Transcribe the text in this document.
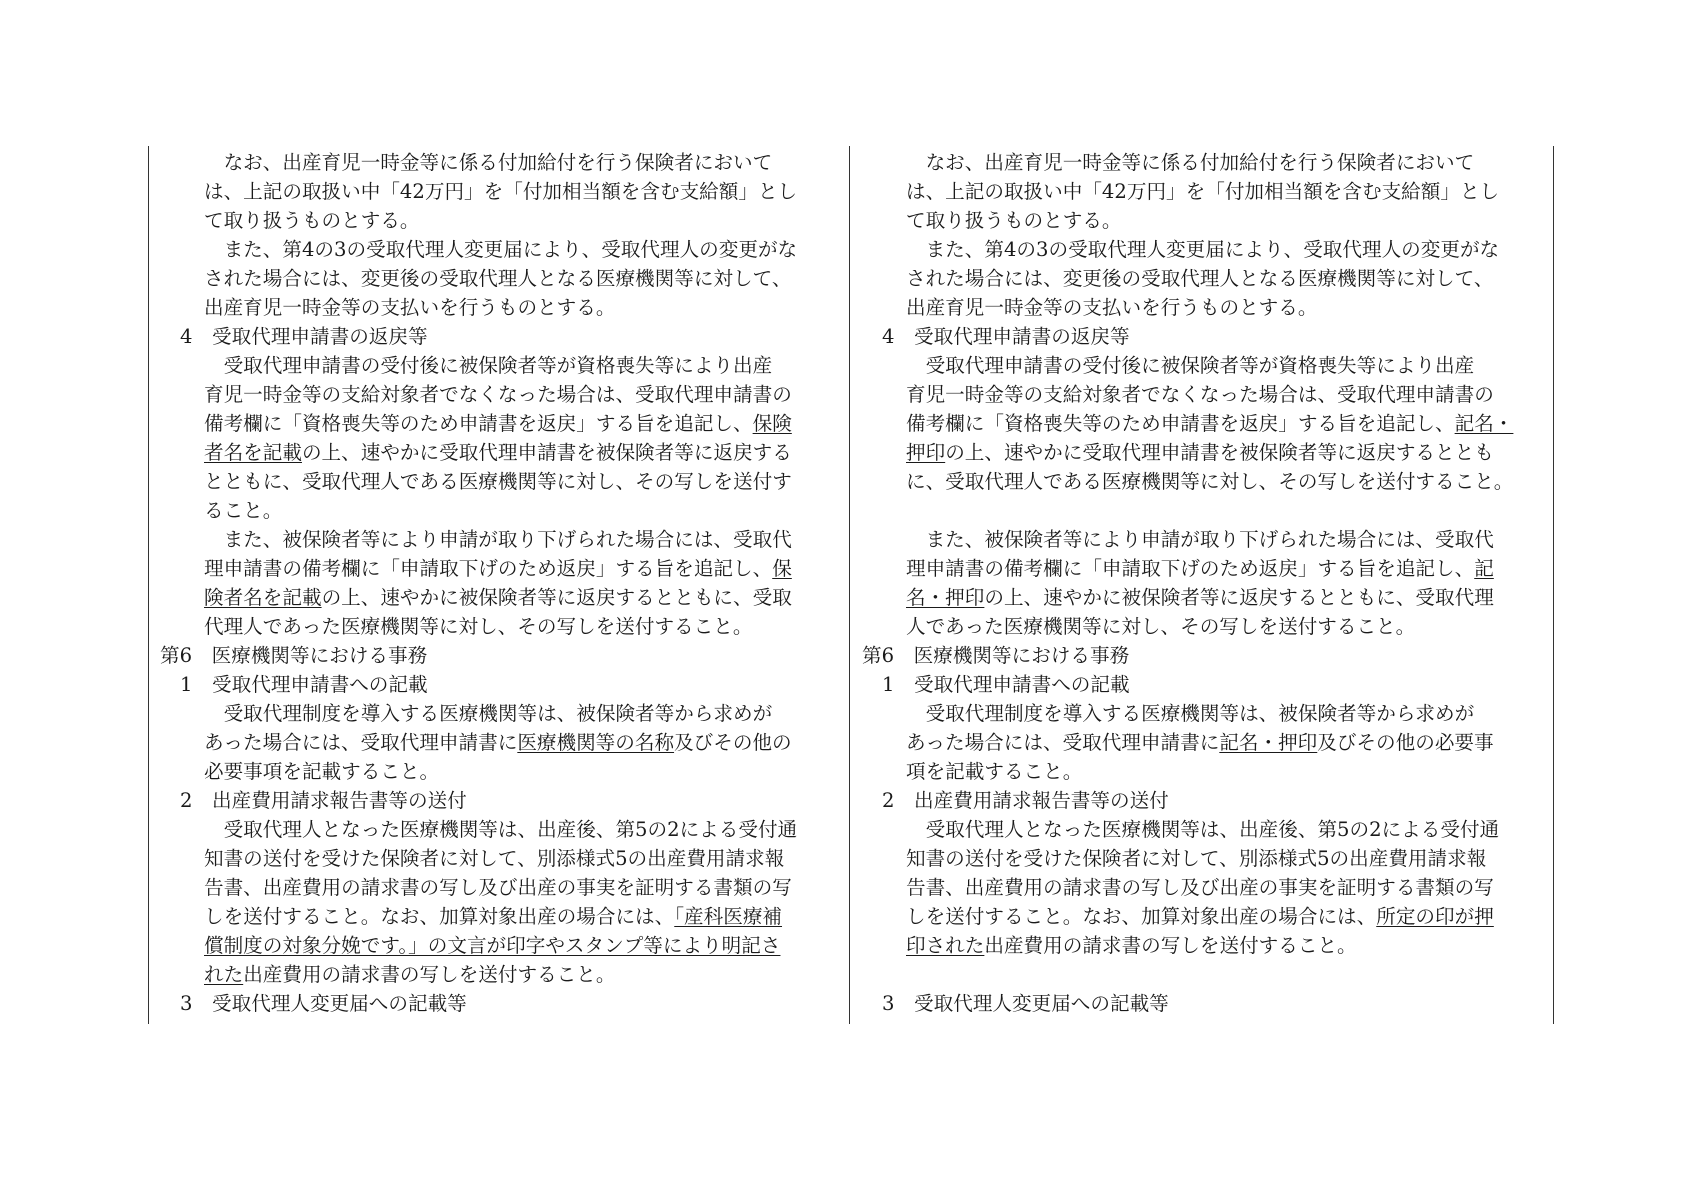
　なお、出産育児一時金等に係る付加給付を行う保険者において

は、上記の取扱い中「42万円」を「付加相当額を含む支給額」とし

て取り扱うものとする。

　また、第4の3の受取代理人変更届により、受取代理人の変更がな

された場合には、変更後の受取代理人となる医療機関等に対して、

出産育児一時金等の支払いを行うものとする。

4　受取代理申請書の返戻等

　受取代理申請書の受付後に被保険者等が資格喪失等により出産

育児一時金等の支給対象者でなくなった場合は、受取代理申請書の

備考欄に「資格喪失等のため申請書を返戻」する旨を追記し、保険

者名を記載の上、速やかに受取代理申請書を被保険者等に返戻する

とともに、受取代理人である医療機関等に対し、その写しを送付す

ること。

　また、被保険者等により申請が取り下げられた場合には、受取代

理申請書の備考欄に「申請取下げのため返戻」する旨を追記し、保

険者名を記載の上、速やかに被保険者等に返戻するとともに、受取

代理人であった医療機関等に対し、その写しを送付すること。

第6　医療機関等における事務

1　受取代理申請書への記載

　受取代理制度を導入する医療機関等は、被保険者等から求めが

あった場合には、受取代理申請書に医療機関等の名称及びその他の

必要事項を記載すること。

2　出産費用請求報告書等の送付

　受取代理人となった医療機関等は、出産後、第5の2による受付通

知書の送付を受けた保険者に対して、別添様式5の出産費用請求報

告書、出産費用の請求書の写し及び出産の事実を証明する書類の写

しを送付すること。なお、加算対象出産の場合には、「産科医療補

償制度の対象分娩です。」の文言が印字やスタンプ等により明記さ

れた出産費用の請求書の写しを送付すること。

3　受取代理人変更届への記載等

　なお、出産育児一時金等に係る付加給付を行う保険者において

は、上記の取扱い中「42万円」を「付加相当額を含む支給額」とし

て取り扱うものとする。

　また、第4の3の受取代理人変更届により、受取代理人の変更がな

された場合には、変更後の受取代理人となる医療機関等に対して、

出産育児一時金等の支払いを行うものとする。

4　受取代理申請書の返戻等

　受取代理申請書の受付後に被保険者等が資格喪失等により出産

育児一時金等の支給対象者でなくなった場合は、受取代理申請書の

備考欄に「資格喪失等のため申請書を返戻」する旨を追記し、記名・

押印の上、速やかに受取代理申請書を被保険者等に返戻するととも

に、受取代理人である医療機関等に対し、その写しを送付すること。

　また、被保険者等により申請が取り下げられた場合には、受取代

理申請書の備考欄に「申請取下げのため返戻」する旨を追記し、記

名・押印の上、速やかに被保険者等に返戻するとともに、受取代理

人であった医療機関等に対し、その写しを送付すること。

第6　医療機関等における事務

1　受取代理申請書への記載

　受取代理制度を導入する医療機関等は、被保険者等から求めが

あった場合には、受取代理申請書に記名・押印及びその他の必要事

項を記載すること。

2　出産費用請求報告書等の送付

　受取代理人となった医療機関等は、出産後、第5の2による受付通

知書の送付を受けた保険者に対して、別添様式5の出産費用請求報

告書、出産費用の請求書の写し及び出産の事実を証明する書類の写

しを送付すること。なお、加算対象出産の場合には、所定の印が押

印された出産費用の請求書の写しを送付すること。

3　受取代理人変更届への記載等
